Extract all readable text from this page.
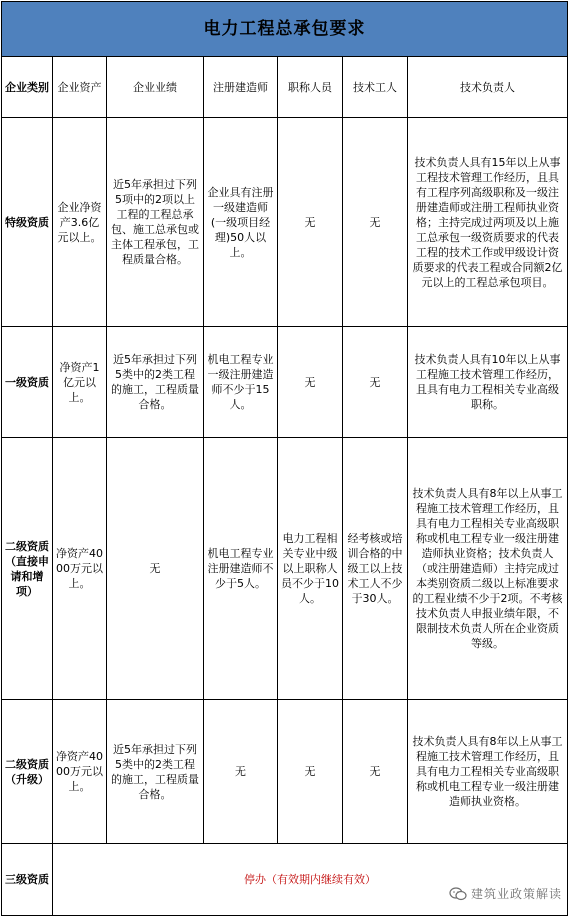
电力工程总承包要求						
企业类别	企业资产	企业业绩	注册建造师	职称人员	技术工人	技术负责人
特级资质	企业净资产3.6亿元以上。	近5年承担过下列5项中的2项以上工程的工程总承包、施工总承包或主体工程承包，工程质量合格。	企业具有注册一级建造师(一级项目经理)50人以上。	无	无	技术负责人具有15年以上从事工程技术管理工作经历，且具有工程序列高级职称及一级注册建造师或注册工程师执业资格；主持完成过两项及以上施工总承包一级资质要求的代表工程的技术工作或甲级设计资质要求的代表工程或合同额2亿元以上的工程总承包项目。
一级资质	净资产1亿元以上。	近5年承担过下列5类中的2类工程的施工，工程质量合格。	机电工程专业一级注册建造师不少于15人。	无	无	技术负责人具有10年以上从事工程施工技术管理工作经历，且具有电力工程相关专业高级职称。
二级资质（直接申请和增项）	净资产4000万元以上。	无	机电工程专业注册建造师不少于5人。	电力工程相关专业中级以上职称人员不少于10人。	经考核或培训合格的中级工以上技术工人不少于30人。	技术负责人具有8年以上从事工程施工技术管理工作经历，且具有电力工程相关专业高级职称或机电工程专业一级注册建造师执业资格；技术负责人（或注册建造师）主持完成过本类别资质二级以上标准要求的工程业绩不少于2项。不考核技术负责人申报业绩年限，不限制技术负责人所在企业资质等级。
二级资质（升级）	净资产4000万元以上。	近5年承担过下列5类中的2类工程的施工，工程质量合格。	无	无	无	技术负责人具有8年以上从事工程施工技术管理工作经历，且具有电力工程相关专业高级职称或机电工程专业一级注册建造师执业资格。
三级资质	停办（有效期内继续有效）					
建筑业政策解读
